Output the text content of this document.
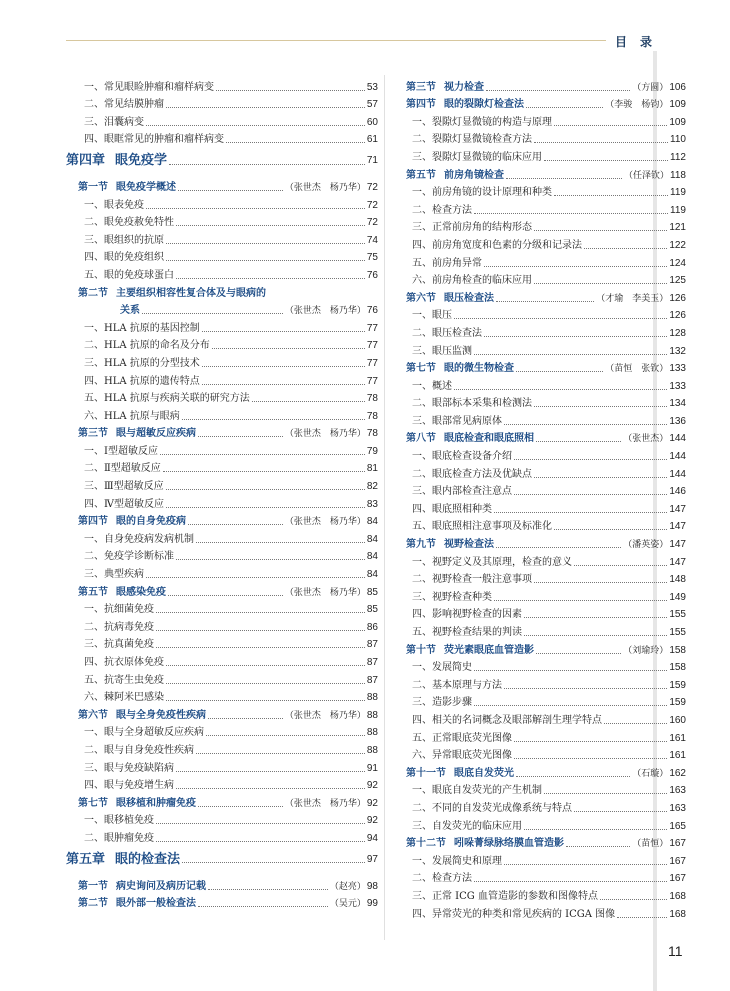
目录
一、常见眼睑肿瘤和瘤样病变	53
二、常见结膜肿瘤	57
三、泪囊病变	60
四、眼眶常见的肿瘤和瘤样病变	61
第四章 眼免疫学	71
第一节 眼免疫学概述	（张世杰　杨乃华） 72
一、眼表免疫	72
二、眼免疫赦免特性	72
三、眼组织的抗原	74
四、眼的免疫组织	75
五、眼的免疫球蛋白	76
第二节 主要组织相容性复合体及与眼病的
关系	（张世杰　杨乃华） 76
一、HLA 抗原的基因控制	77
二、HLA 抗原的命名及分布	77
三、HLA 抗原的分型技术	77
四、HLA 抗原的遗传特点	77
五、HLA 抗原与疾病关联的研究方法	78
六、HLA 抗原与眼病	78
第三节 眼与超敏反应疾病	（张世杰　杨乃华） 78
一、Ⅰ型超敏反应	79
二、Ⅱ型超敏反应	81
三、Ⅲ型超敏反应	82
四、Ⅳ型超敏反应	83
第四节 眼的自身免疫病	（张世杰　杨乃华） 84
一、自身免疫病发病机制	84
二、免疫学诊断标准	84
三、典型疾病	84
第五节 眼感染免疫	（张世杰　杨乃华） 85
一、抗细菌免疫	85
二、抗病毒免疫	86
三、抗真菌免疫	87
四、抗衣原体免疫	87
五、抗寄生虫免疫	87
六、棘阿米巴感染	88
第六节 眼与全身免疫性疾病	（张世杰　杨乃华） 88
一、眼与全身超敏反应疾病	88
二、眼与自身免疫性疾病	88
三、眼与免疫缺陷病	91
四、眼与免疫增生病	92
第七节 眼移植和肿瘤免疫	（张世杰　杨乃华） 92
一、眼移植免疫	92
二、眼肿瘤免疫	94
第五章 眼的检查法	97
第一节 病史询问及病历记载	（赵亮） 98
第二节 眼外部一般检查法	（吴元） 99
第三节 视力检查	（方圆） 106
第四节 眼的裂隙灯检查法	（李骏　杨钧） 109
一、裂隙灯显微镜的构造与原理	109
二、裂隙灯显微镜检查方法	110
三、裂隙灯显微镜的临床应用	112
第五节 前房角镜检查	（任泽钦） 118
一、前房角镜的设计原理和种类	119
二、检查方法	119
三、正常前房角的结构形态	121
四、前房角宽度和色素的分级和记录法	122
五、前房角异常	124
六、前房角检查的临床应用	125
第六节 眼压检查法	（才瑜　李美玉） 126
一、眼压	126
二、眼压检查法	128
三、眼压监测	132
第七节 眼的微生物检查	（苗恒　张钦） 133
一、概述	133
二、眼部标本采集和检测法	134
三、眼部常见病原体	136
第八节 眼底检查和眼底照相	（张世杰） 144
一、眼底检查设备介绍	144
二、眼底检查方法及优缺点	144
三、眼内部检查注意点	146
四、眼底照相种类	147
五、眼底照相注意事项及标准化	147
第九节 视野检查法	（潘英姿） 147
一、视野定义及其原理，检查的意义	147
二、视野检查一般注意事项	148
三、视野检查种类	149
四、影响视野检查的因素	155
五、视野检查结果的判读	155
第十节 荧光素眼底血管造影	（刘瑜玲） 158
一、发展简史	158
二、基本原理与方法	159
三、造影步骤	159
四、相关的名词概念及眼部解剖生理学特点	160
五、正常眼底荧光图像	161
六、异常眼底荧光图像	161
第十一节 眼底自发荧光	（石璇） 162
一、眼底自发荧光的产生机制	163
二、不同的自发荧光成像系统与特点	163
三、自发荧光的临床应用	165
第十二节 吲哚菁绿脉络膜血管造影	（苗恒） 167
一、发展简史和原理	167
二、检查方法	167
三、正常 ICG 血管造影的参数和图像特点	168
四、异常荧光的种类和常见疾病的 ICGA 图像	168
11
